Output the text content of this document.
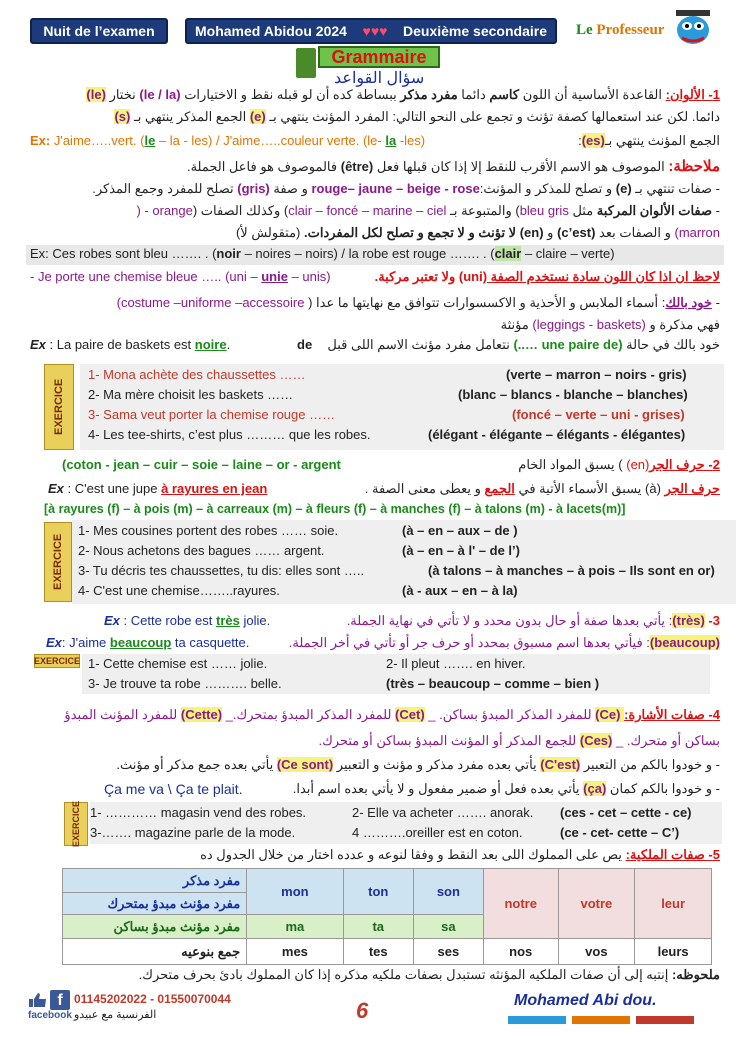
Nuit de l’examen	Mohamed Abidou 2024 ♥♥♥ Deuxième secondaire Le Professeur
Grammaire
سؤال القواعد
1- الألوان: القاعدة الأساسية أن اللون كاسم دائما مفرد مذكر ببساطة كده أن لو قبله نقط و الاختيارات (le / la) نختار (le)
دائما. لكن عند استعمالها كصفة تؤنث و تجمع على النحو التالي: المفرد المؤنث ينتهي بـ (e) الجمع المذكر ينتهي بـ (s)
Ex: J'aime…..vert. (le – la - les) / J'aime…..couleur verte. (le- la -les)	الجمع المؤنث ينتهي بـ(es):
ملاحظة: الموصوف هو الاسم الأقرب للنقط إلا إذا كان قبلها فعل (être) فالموصوف هو فاعل الجملة.
- صفات تنتهي بـ (e) و تصلح للمذكر و المؤنث:rouge– jaune – beige - rose و صفة (gris) تصلح للمفرد وجمع المذكر.
- صفات الألوان المركبة مثل bleu gris) والمتبوعة بـ clair – foncé – marine – ciel) وكذلك الصفات (orange - (
marron) و الصفات بعد (c’est) و (en) لا تؤنث و لا تجمع و تصلح لكل المفردات. (متقولش لأ)
Ex: Ces robes sont bleu ……. . (noir – noires – noirs) / la robe est rouge ……. . (clair – claire – verte)
- Je porte une chemise bleue ….. (uni – unie – unis)	لاحظ ان اذا كان اللون سادة نستخدم الصفة (uni) ولا تعتبر مركبة.
- خود بالك: أسماء الملابس و الأحذية و الاكسسوارات تتوافق مع نهايتها ما عدا ( costume –uniforme –accessoire)
فهي مذكرة و (leggings - baskets) مؤنثة
Ex : La paire de baskets est noire.	خود بالك في حالة (une paire de …..) نتعامل مفرد مؤنث الاسم اللى قبل
de
EXERCICE
1- Mona achète des chaussettes ……	(verte – marron – noirs - gris)
2- Ma mère choisit les baskets ……	(blanc – blancs - blanche – blanches)
3- Sama veut porter la chemise rouge ……	(foncé – verte – uni - grises)
4- Les tee-shirts, c’est plus ……… que les robes.	(élégant - élégante – élégants - élégantes)
(coton - jean – cuir – soie – laine – or - argent	2- حرف الجر(en) ) يسبق المواد الخام
Ex : C'est une jupe à rayures en jean	حرف الجر (à) يسبق الأسماء الأتية في الجمع و يعطى معنى الصفة .
[à rayures (f) – à pois (m) – à carreaux (m) – à fleurs (f) – à manches (f) – à talons (m) - à lacets(m)]
EXERCICE
1- Mes cousines portent des robes …… soie.	(à – en – aux – de )
2- Nous achetons des bagues …… argent.	(à – en – à l' – de l’)
3- Tu décris tes chaussettes, tu dis: elles sont …..	(à talons – à manches – à pois – Ils sont en or)
4- C'est une chemise……..rayures.	(à - aux – en – à la)
Ex : Cette robe est très jolie.	3- (très): يأتي بعدها صفة أو حال بدون محدد و لا تأتي في نهاية الجملة.
Ex: J'aime beaucoup ta casquette.	(beaucoup): فيأتي بعدها اسم مسبوق بمحدد أو حرف جر أو تأتي في أخر الجملة.
EXERCICE 1- Cette chemise est …… jolie.	2- Il pleut ……. en hiver.
3- Je trouve ta robe ………. belle.	(très – beaucoup – comme – bien )
4- صفات الأشارة: (Ce) للمفرد المذكر المبدؤ بساكن. _ (Cet) للمفرد المذكر المبدؤ بمتحرك._ (Cette) للمفرد المؤنث المبدؤ
بساكن أو متحرك. _ (Ces) للجمع المذكر أو المؤنث المبدؤ بساكن أو متحرك.
- و خودوا بالكم من التعبير (C'est) يأتي بعده مفرد مذكر و مؤنث و التعبير (Ce sont) يأتي بعده جمع مذكر أو مؤنث.
Ça me va \ Ça te plait.	- و خودوا بالكم كمان (ça) يأتي بعده فعل أو ضمير مفعول و لا يأتي بعده اسم أبدا.
EXERCICE 1- ………… magasin vend des robes.	2- Elle va acheter ……. anorak. (ces - cet – cette - ce)
3-……. magazine parle de la mode.	4 ……….oreiller est en coton.	(ce - cet- cette – C’)
5- صفات الملكية: يص على المملوك اللى بعد النقط و وفقا لنوعه و عدده اختار من خلال الجدول ده
مفرد مذكر	mon	ton	son	notre	votre	leur
مفرد مؤنث مبدؤ بمتحرك						
مفرد مؤنث مبدؤ بساكن	ma	ta	sa			
جمع بنوعيه	mes	tes	ses	nos	vos	leurs
ملحوظه: إنتبه إلى أن صفات الملكيه المؤنثه تستبدل بصفات ملكيه مذكره إذا كان المملوك بادئ بحرف متحرك.
f
facebook
01145202022 - 01550070044
الفرنسية مع عبيدو	6	Mohamed Abi dou.
